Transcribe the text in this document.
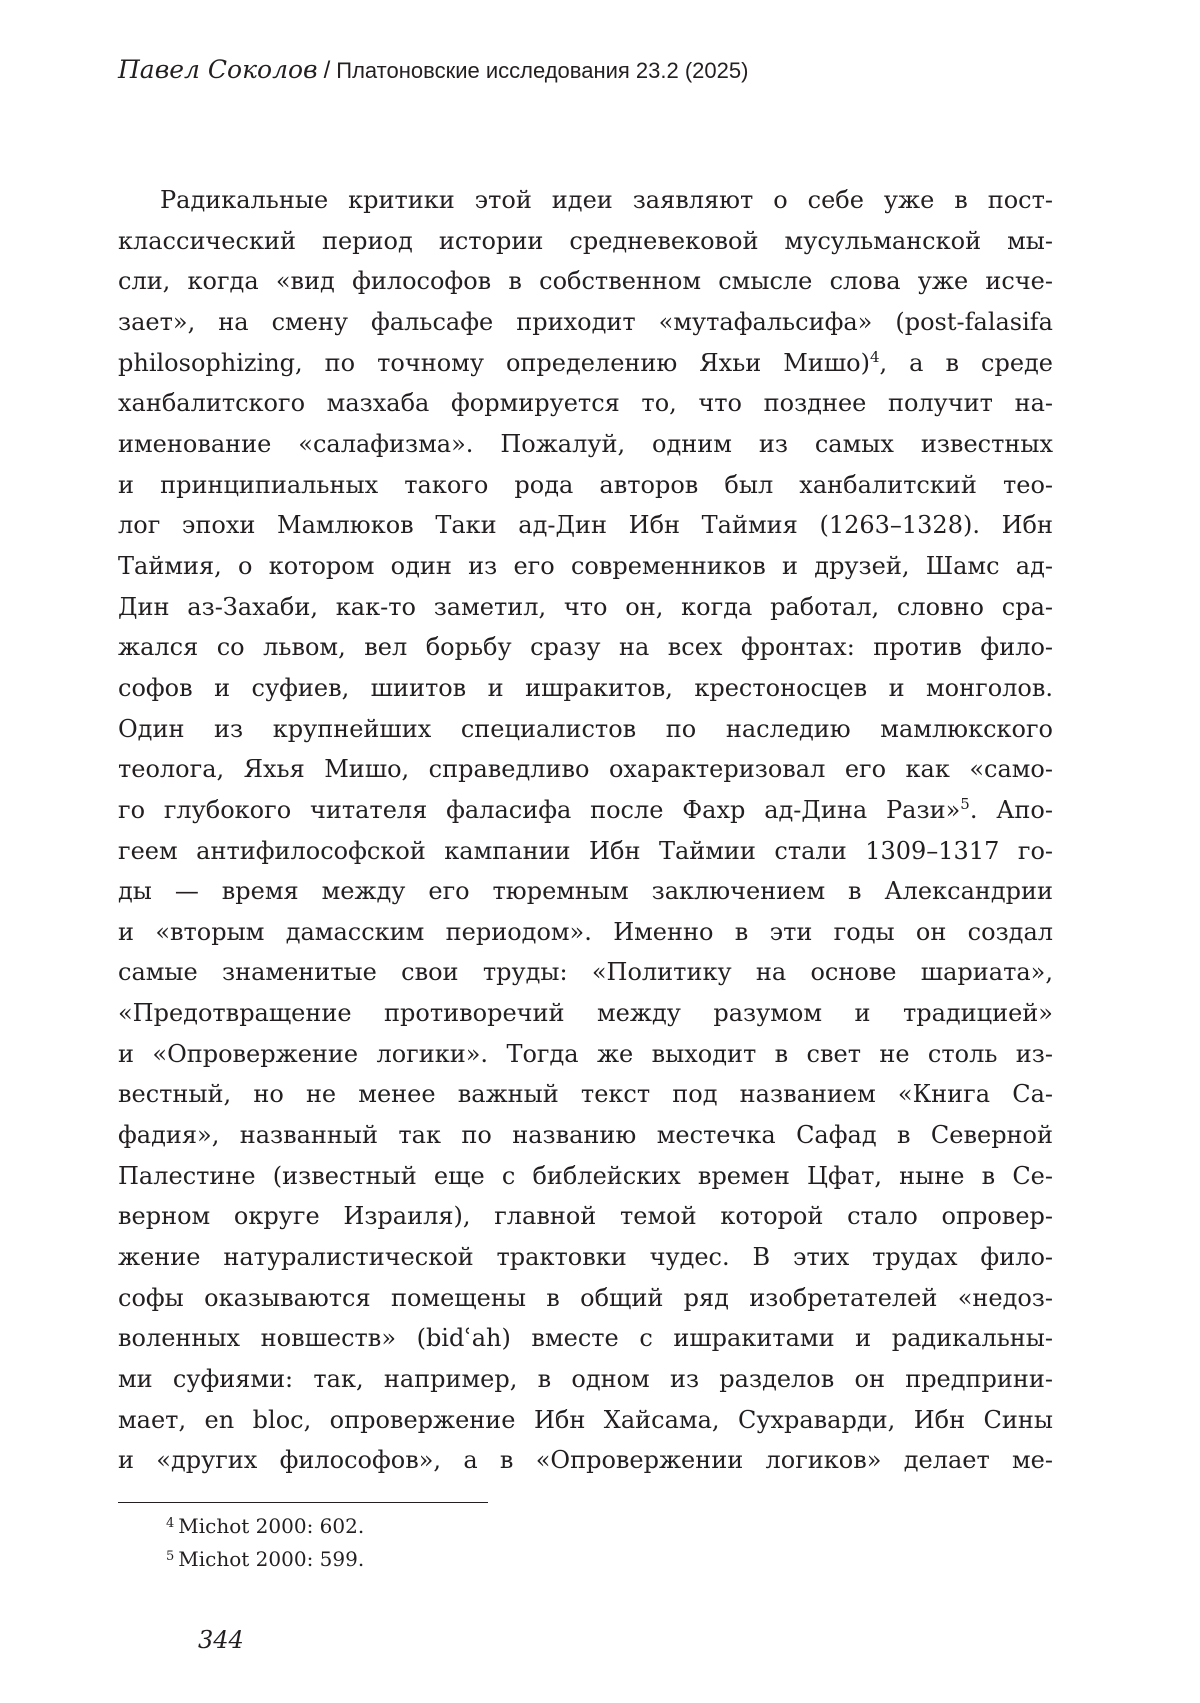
Павел Соколов / Платоновские исследования 23.2 (2025)
Радикальные критики этой идеи заявляют о себе уже в пост-
классический период истории средневековой мусульманской мы-
сли, когда «вид философов в собственном смысле слова уже исче-
зает», на смену фальсафе приходит «мутафальсифа» (post-falasifa
philosophizing, по точному определению Яхьи Мишо)$^4$, а в среде
ханбалитского мазхаба формируется то, что позднее получит на-
именование «салафизма». Пожалуй, одним из самых известных
и принципиальных такого рода авторов был ханбалитский тео-
лог эпохи Мамлюков Таки ад-Дин Ибн Таймия (1263–1328). Ибн
Таймия, о котором один из его современников и друзей, Шамс ад-
Дин аз-Захаби, как-то заметил, что он, когда работал, словно сра-
жался со львом, вел борьбу сразу на всех фронтах: против фило-
софов и суфиев, шиитов и ишракитов, крестоносцев и монголов.
Один из крупнейших специалистов по наследию мамлюкского
теолога, Яхья Мишо, справедливо охарактеризовал его как «само-
го глубокого читателя фаласифа после Фахр ад-Дина Рази»$^5$. Апо-
геем антифилософской кампании Ибн Таймии стали 1309–1317 го-
ды — время между его тюремным заключением в Александрии
и «вторым дамасским периодом». Именно в эти годы он создал
самые знаменитые свои труды: «Политику на основе шариата»,
«Предотвращение противоречий между разумом и традицией»
и «Опровержение логики». Тогда же выходит в свет не столь из-
вестный, но не менее важный текст под названием «Книга Са-
фадия», названный так по названию местечка Сафад в Северной
Палестине (известный еще с библейских времен Цфат, ныне в Се-
верном округе Израиля), главной темой которой стало опровер-
жение натуралистической трактовки чудес. В этих трудах фило-
софы оказываются помещены в общий ряд изобретателей «недоз-
воленных новшеств» (bidʿah) вместе с ишракитами и радикальны-
ми суфиями: так, например, в одном из разделов он предприни-
мает, en bloc, опровержение Ибн Хайсама, Сухраварди, Ибн Сины
и «других философов», а в «Опровержении логиков» делает ме-
$^4$ Michot 2000: 602.
$^5$ Michot 2000: 599.
344
